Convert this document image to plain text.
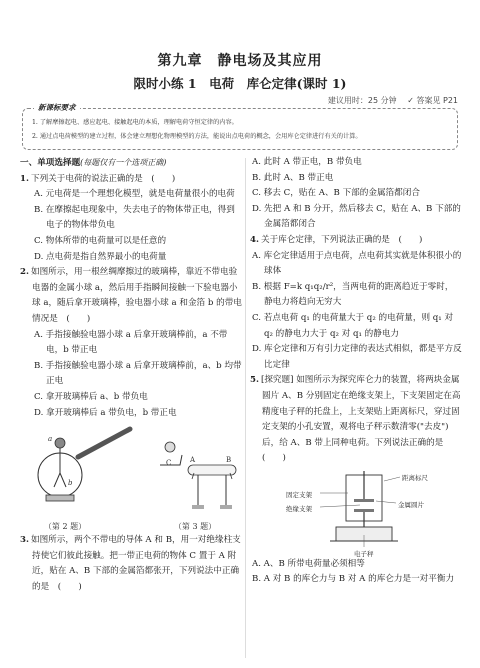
第九章　静电场及其应用
限时小练 1　电荷　库仑定律(课时 1)
建议用时：25 分钟 　✓ 答案见 P21
新课标要求
1. 了解摩擦起电、感应起电、接触起电的本质，理解电荷守恒定律的内容。
2. 通过点电荷模型的建立过程，体会建立理想化物理模型的方法，能说出点电荷的概念，会用库仑定律进行有关的计算。

一、单项选择题(每题仅有一个选项正确)

1. 下列关于电荷的说法正确的是　(　　)

A. 元电荷是一个理想化模型，就是电荷量很小的电荷

B. 在摩擦起电现象中，失去电子的物体带正电，得到电子的物体带负电

C. 物体所带的电荷量可以是任意的

D. 点电荷是指自然界最小的电荷量

2. 如图所示，用一根丝绸摩擦过的玻璃棒，靠近不带电验电器的金属小球 a，然后用手指瞬间接触一下验电器小球 a，随后拿开玻璃棒，验电器小球 a 和金箔 b 的带电情况是　(　　)

A. 手指接触验电器小球 a 后拿开玻璃棒前，a 不带电，b 带正电

B. 手指接触验电器小球 a 后拿开玻璃棒前，a、b 均带正电

C. 拿开玻璃棒后 a、b 带负电

D. 拿开玻璃棒后 a 带负电，b 带正电

a
b
C	A	B
（第 2 题）	（第 3 题）

3. 如图所示，两个不带电的导体 A 和 B，用一对绝缘柱支持使它们彼此接触。把一带正电荷的物体 C 置于 A 附近，贴在 A、B 下部的金属箔都张开，下列说法中正确的是　(　　)

A. 此时 A 带正电，B 带负电

B. 此时 A、B 带正电

C. 移去 C，贴在 A、B 下部的金属箔都闭合

D. 先把 A 和 B 分开，然后移去 C，贴在 A、B 下部的金属箔都闭合

4. 关于库仑定律，下列说法正确的是　(　　)

A. 库仑定律适用于点电荷，点电荷其实就是体积很小的球体

B. 根据 F=k q₁q₂/r²，当两电荷的距离趋近于零时，静电力将趋向无穷大

C. 若点电荷 q₁ 的电荷量大于 q₂ 的电荷量，则 q₁ 对 q₂ 的静电力大于 q₂ 对 q₁ 的静电力

D. 库仑定律和万有引力定律的表达式相似，都是平方反比定律

5. [探究题] 如图所示为探究库仑力的装置，将两块金属圆片 A、B 分别固定在绝缘支架上，下支架固定在高精度电子秤的托盘上，上支架贴上距离标尺，穿过固定支架的小孔安置，观将电子秤示数清零("去皮")后，给 A、B 带上同种电荷。下列说法正确的是　(　　)

距离标尺
固定支架
绝缘支架	金属圆片
电子秤

A. A、B 所带电荷量必须相等

B. A 对 B 的库仑力与 B 对 A 的库仑力是一对平衡力
